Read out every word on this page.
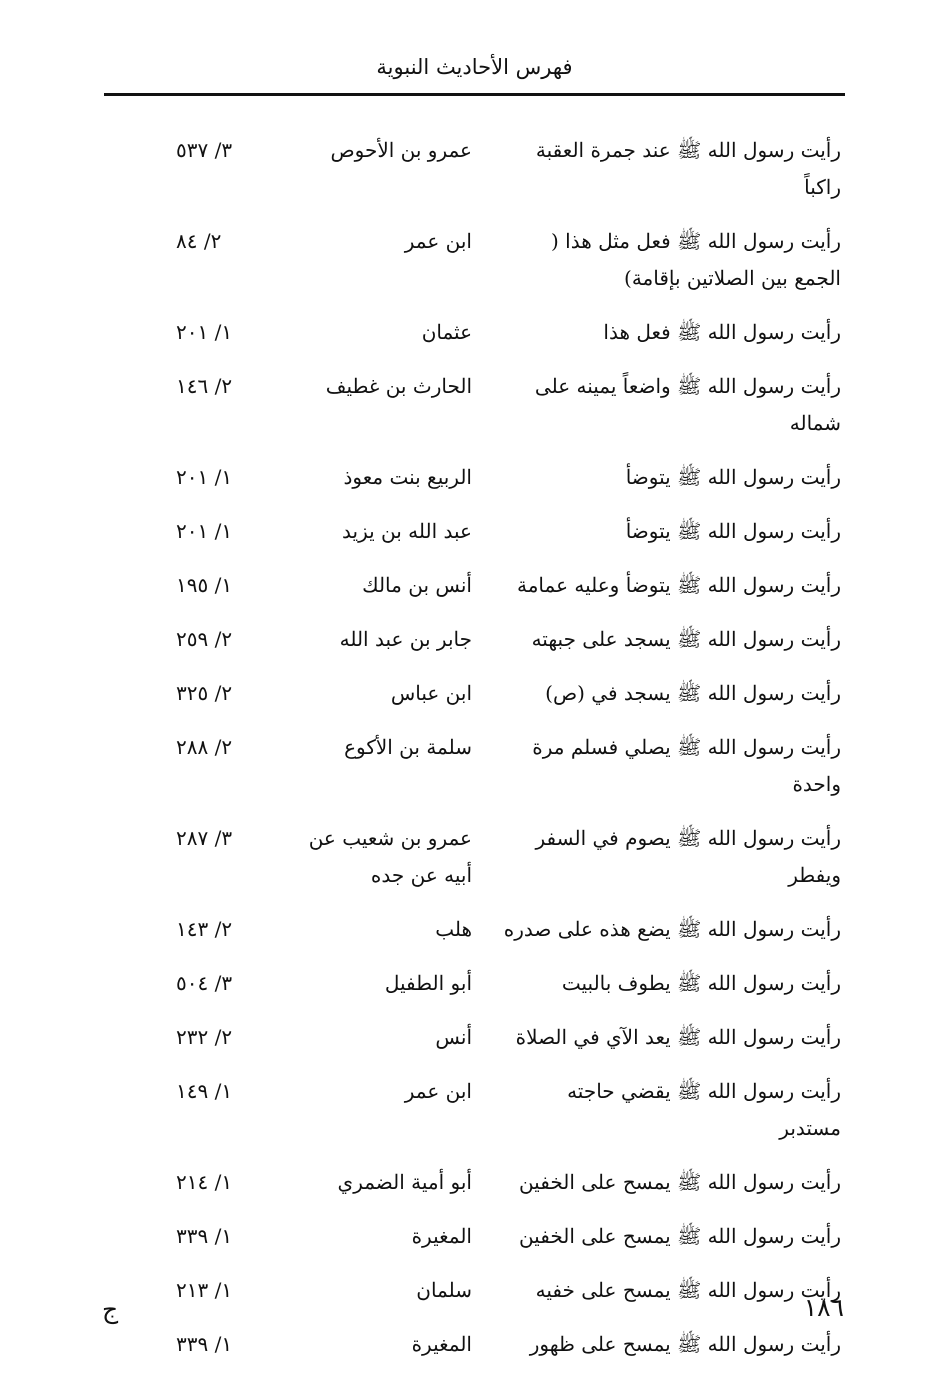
فهرس الأحاديث النبوية
رأيت رسول الله ﷺ عند جمرة العقبة راكباً
عمرو بن الأحوص
٣/ ٥٣٧
رأيت رسول الله ﷺ فعل مثل هذا ( الجمع بين الصلاتين بإقامة)
ابن عمر
٢/ ٨٤
رأيت رسول الله ﷺ فعل هذا
عثمان
١/ ٢٠١
رأيت رسول الله ﷺ واضعاً يمينه على شماله
الحارث بن غطيف
٢/ ١٤٦
رأيت رسول الله ﷺ يتوضأ
الربيع بنت معوذ
١/ ٢٠١
رأيت رسول الله ﷺ يتوضأ
عبد الله بن يزيد
١/ ٢٠١
رأيت رسول الله ﷺ يتوضأ وعليه عمامة
أنس بن مالك
١/ ١٩٥
رأيت رسول الله ﷺ يسجد على جبهته
جابر بن عبد الله
٢/ ٢٥٩
رأيت رسول الله ﷺ يسجد في (ص)
ابن عباس
٢/ ٣٢٥
رأيت رسول الله ﷺ يصلي فسلم مرة واحدة
سلمة بن الأكوع
٢/ ٢٨٨
رأيت رسول الله ﷺ يصوم في السفر ويفطر
عمرو بن شعيب عن أبيه عن جده
٣/ ٢٨٧
رأيت رسول الله ﷺ يضع هذه على صدره
هلب
٢/ ١٤٣
رأيت رسول الله ﷺ يطوف بالبيت
أبو الطفيل
٣/ ٥٠٤
رأيت رسول الله ﷺ يعد الآي في الصلاة
أنس
٢/ ٢٣٢
رأيت رسول الله ﷺ يقضي حاجته مستدبر
ابن عمر
١/ ١٤٩
رأيت رسول الله ﷺ يمسح على الخفين
أبو أمية الضمري
١/ ٢١٤
رأيت رسول الله ﷺ يمسح على الخفين
المغيرة
١/ ٣٣٩
رأيت رسول الله ﷺ يمسح على خفيه
سلمان
١/ ٢١٣
رأيت رسول الله ﷺ يمسح على ظهور
المغيرة
١/ ٣٣٩
١٨٦
ج
